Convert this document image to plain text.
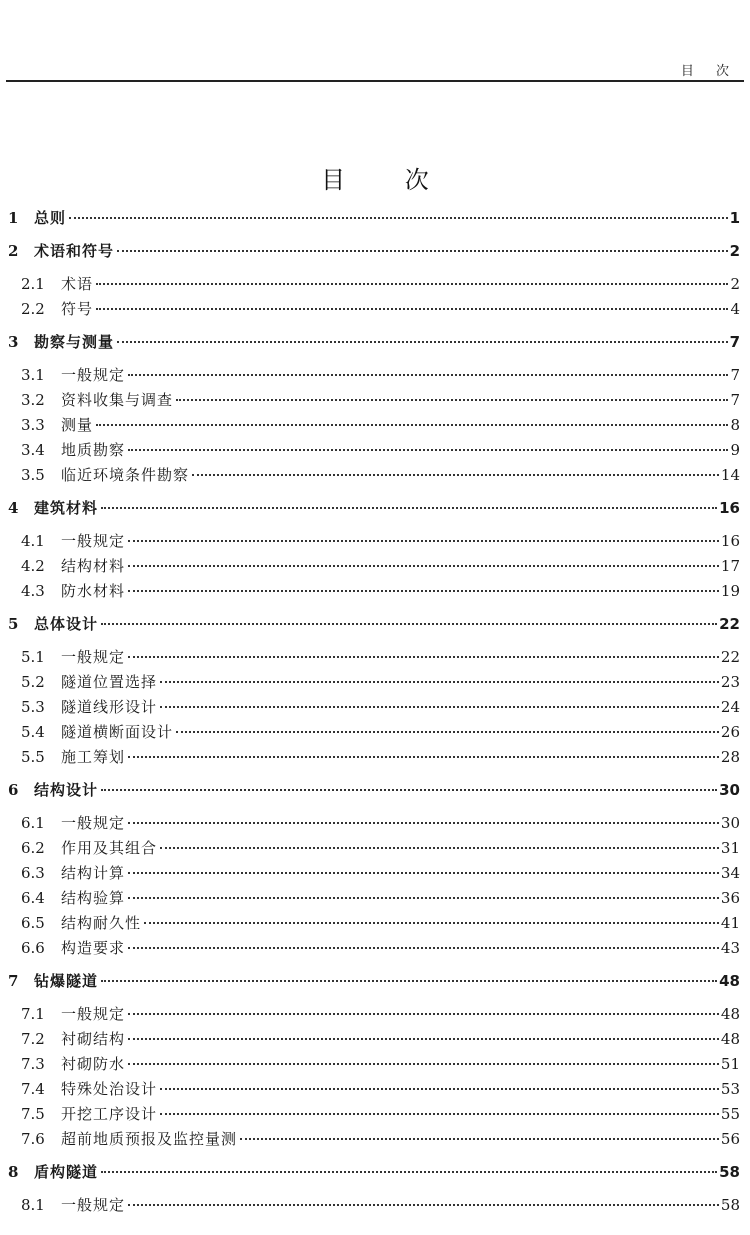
目 次
目 次
1	总则	1
2	术语和符号	2
2.1	术语	2
2.2	符号	4
3	勘察与测量	7
3.1	一般规定	7
3.2	资料收集与调查	7
3.3	测量	8
3.4	地质勘察	9
3.5	临近环境条件勘察	14
4	建筑材料	16
4.1	一般规定	16
4.2	结构材料	17
4.3	防水材料	19
5	总体设计	22
5.1	一般规定	22
5.2	隧道位置选择	23
5.3	隧道线形设计	24
5.4	隧道横断面设计	26
5.5	施工筹划	28
6	结构设计	30
6.1	一般规定	30
6.2	作用及其组合	31
6.3	结构计算	34
6.4	结构验算	36
6.5	结构耐久性	41
6.6	构造要求	43
7	钻爆隧道	48
7.1	一般规定	48
7.2	衬砌结构	48
7.3	衬砌防水	51
7.4	特殊处治设计	53
7.5	开挖工序设计	55
7.6	超前地质预报及监控量测	56
8	盾构隧道	58
8.1	一般规定	58
